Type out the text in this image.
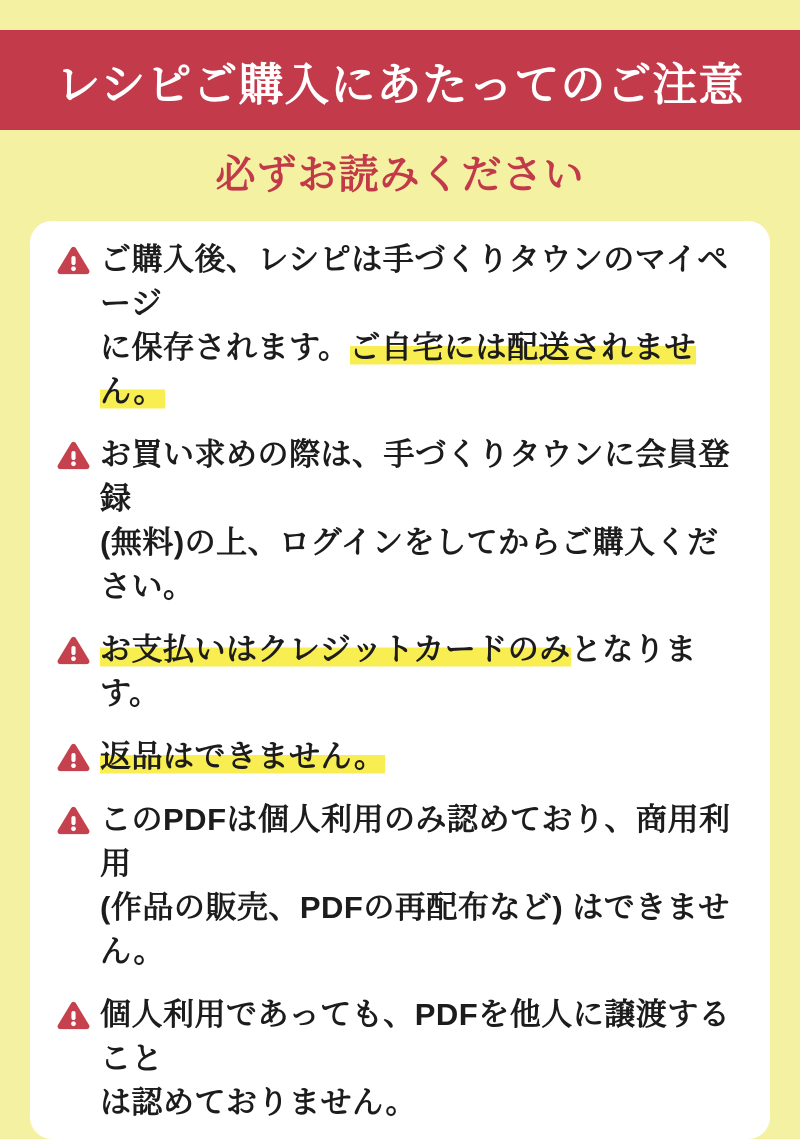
レシピご購入にあたってのご注意
必ずお読みください

ご購入後、レシピは手づくりタウンのマイページ
に保存されます。ご自宅には配送されません。

お買い求めの際は、手づくりタウンに会員登録
(無料)の上、ログインをしてからご購入ください。

お支払いはクレジットカードのみとなります。

返品はできません。

このPDFは個人利用のみ認めており、商用利用
(作品の販売、PDFの再配布など) はできません。

個人利用であっても、PDFを他人に譲渡すること
は認めておりません。
